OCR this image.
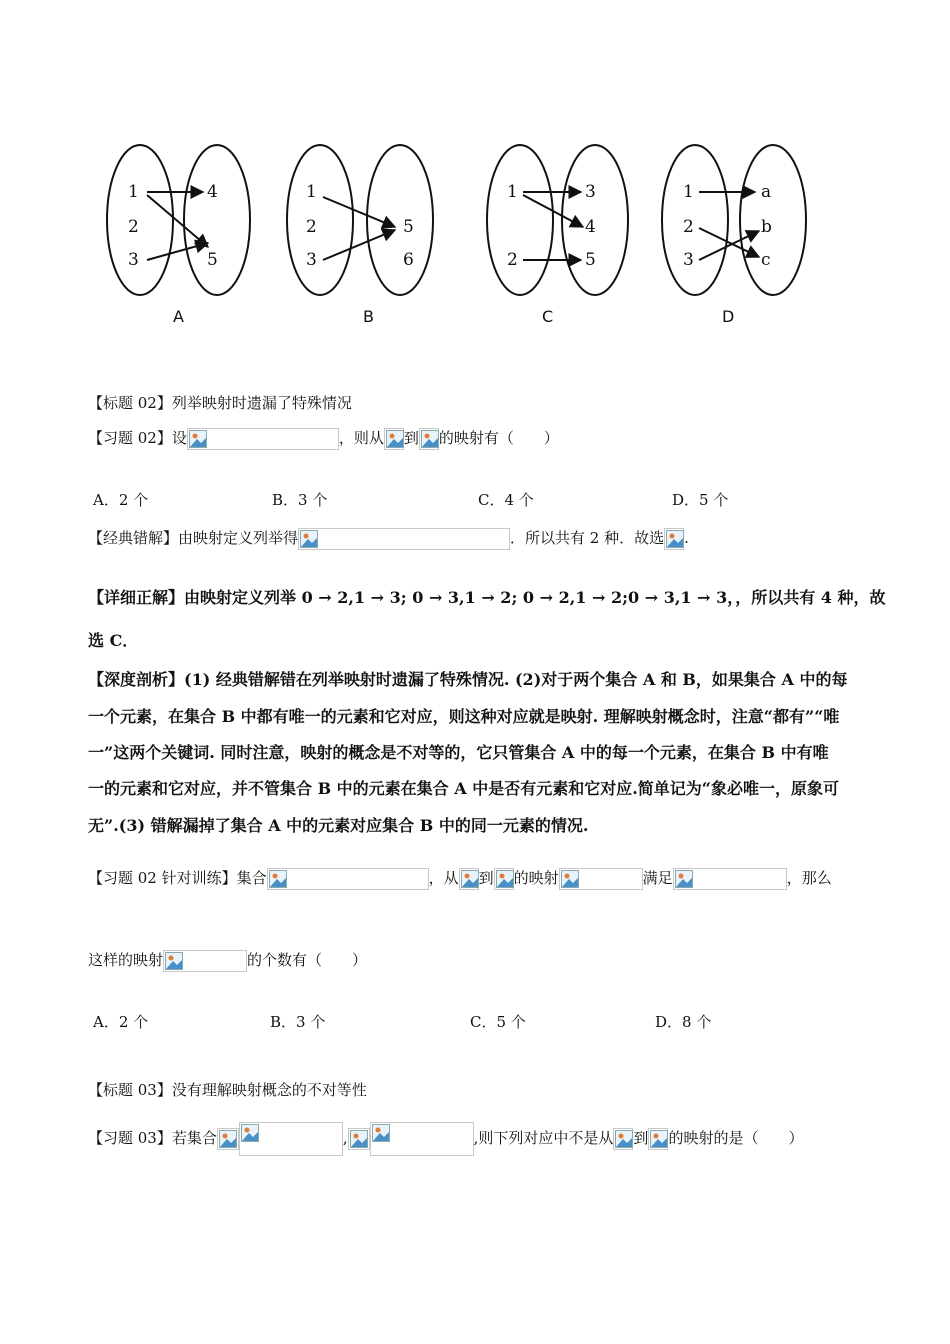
1
2
3
4
5
A
1
2
3
5
6
B
1
2
3
4
5
C
1
2
3
a
b
c
D
【标题 02】列举映射时遗漏了特殊情况
【习题 02】设	，则从 到 的映射有（　　）
A．2 个	B．3 个	C．4 个	D．5 个
【经典错解】由映射定义列举得	．所以共有 2 种．故选 .
【详细正解】由映射定义列举 0 → 2,1 → 3; 0 → 3,1 → 2; 0 → 2,1 → 2;0 → 3,1 → 3，，所以共有 4 种，故
选 C．
【深度剖析】(1) 经典错解错在列举映射时遗漏了特殊情况. (2)对于两个集合 A 和 B，如果集合 A 中的每
一个元素，在集合 B 中都有唯一的元素和它对应，则这种对应就是映射. 理解映射概念时，注意“都有”“唯
一”这两个关键词. 同时注意，映射的概念是不对等的，它只管集合 A 中的每一个元素，在集合 B 中有唯
一的元素和它对应，并不管集合 B 中的元素在集合 A 中是否有元素和它对应.简单记为“象必唯一，原象可
无”.(3) 错解漏掉了集合 A 中的元素对应集合 B 中的同一元素的情况.
【习题 02 针对训练】集合	，从 到 的映射	满足	，那么
这样的映射	的个数有（　　）
A．2 个	B．3 个	C．5 个	D．8 个
【标题 03】没有理解映射概念的不对等性
【习题 03】若集合	,	,则下列对应中不是从 到 的映射的是（　　）
